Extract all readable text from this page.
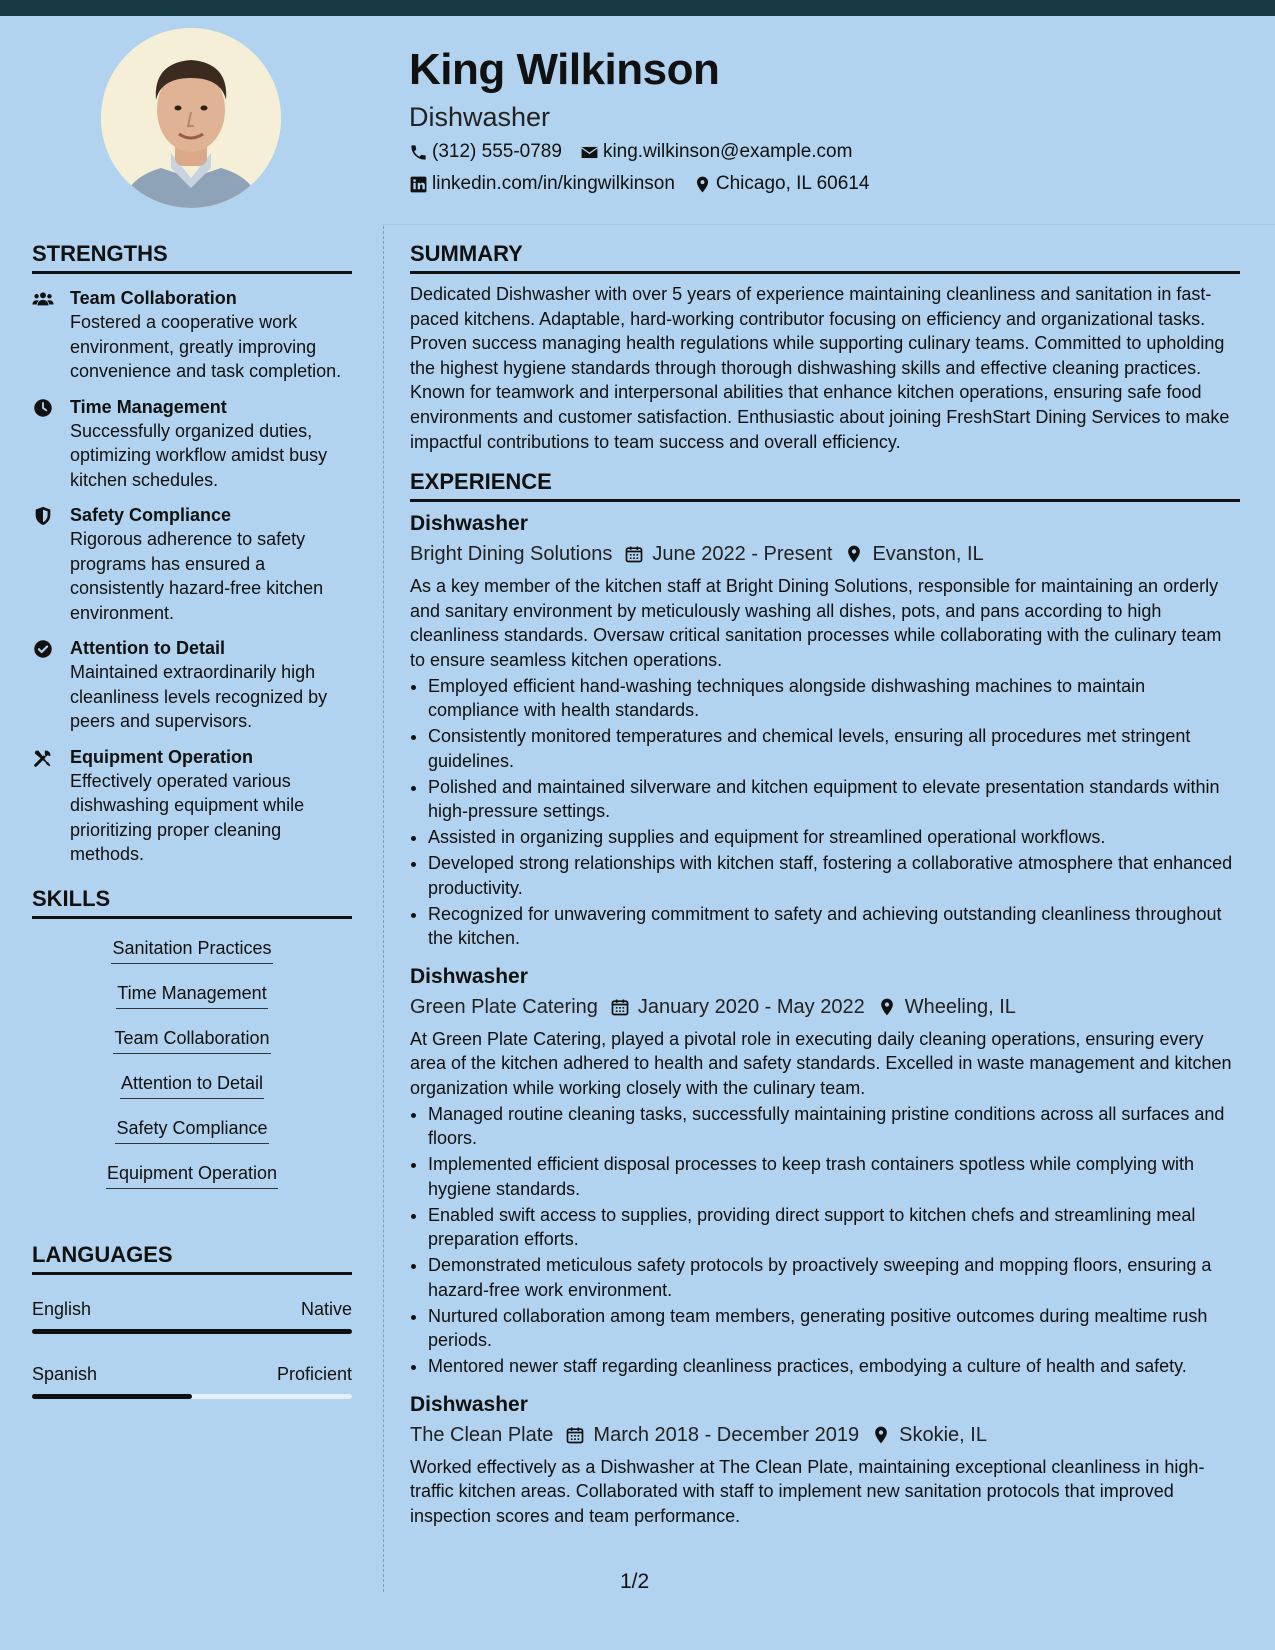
King Wilkinson
Dishwasher
(312) 555-0789 king.wilkinson@example.com
linkedin.com/in/kingwilkinson Chicago, IL 60614
STRENGTHS
Team Collaboration
Fostered a cooperative work environment, greatly improving convenience and task completion.
Time Management
Successfully organized duties, optimizing workflow amidst busy kitchen schedules.
Safety Compliance
Rigorous adherence to safety programs has ensured a consistently hazard-free kitchen environment.
Attention to Detail
Maintained extraordinarily high cleanliness levels recognized by peers and supervisors.
Equipment Operation
Effectively operated various dishwashing equipment while prioritizing proper cleaning methods.
SKILLS
Sanitation Practices
Time Management
Team Collaboration
Attention to Detail
Safety Compliance
Equipment Operation
LANGUAGES
English	Native
Spanish	Proficient
SUMMARY
Dedicated Dishwasher with over 5 years of experience maintaining cleanliness and sanitation in fast-paced kitchens. Adaptable, hard-working contributor focusing on efficiency and organizational tasks. Proven success managing health regulations while supporting culinary teams. Committed to upholding the highest hygiene standards through thorough dishwashing skills and effective cleaning practices. Known for teamwork and interpersonal abilities that enhance kitchen operations, ensuring safe food environments and customer satisfaction. Enthusiastic about joining FreshStart Dining Services to make impactful contributions to team success and overall efficiency.
EXPERIENCE
Dishwasher
Bright Dining Solutions June 2022 - Present Evanston, IL
As a key member of the kitchen staff at Bright Dining Solutions, responsible for maintaining an orderly and sanitary environment by meticulously washing all dishes, pots, and pans according to high cleanliness standards. Oversaw critical sanitation processes while collaborating with the culinary team to ensure seamless kitchen operations.
• Employed efficient hand-washing techniques alongside dishwashing machines to maintain compliance with health standards.
• Consistently monitored temperatures and chemical levels, ensuring all procedures met stringent guidelines.
• Polished and maintained silverware and kitchen equipment to elevate presentation standards within high-pressure settings.
• Assisted in organizing supplies and equipment for streamlined operational workflows.
• Developed strong relationships with kitchen staff, fostering a collaborative atmosphere that enhanced productivity.
• Recognized for unwavering commitment to safety and achieving outstanding cleanliness throughout the kitchen.
Dishwasher
Green Plate Catering January 2020 - May 2022 Wheeling, IL
At Green Plate Catering, played a pivotal role in executing daily cleaning operations, ensuring every area of the kitchen adhered to health and safety standards. Excelled in waste management and kitchen organization while working closely with the culinary team.
• Managed routine cleaning tasks, successfully maintaining pristine conditions across all surfaces and floors.
• Implemented efficient disposal processes to keep trash containers spotless while complying with hygiene standards.
• Enabled swift access to supplies, providing direct support to kitchen chefs and streamlining meal preparation efforts.
• Demonstrated meticulous safety protocols by proactively sweeping and mopping floors, ensuring a hazard-free work environment.
• Nurtured collaboration among team members, generating positive outcomes during mealtime rush periods.
• Mentored newer staff regarding cleanliness practices, embodying a culture of health and safety.
Dishwasher
The Clean Plate March 2018 - December 2019 Skokie, IL
Worked effectively as a Dishwasher at The Clean Plate, maintaining exceptional cleanliness in high-traffic kitchen areas. Collaborated with staff to implement new sanitation protocols that improved inspection scores and team performance.
1/2
